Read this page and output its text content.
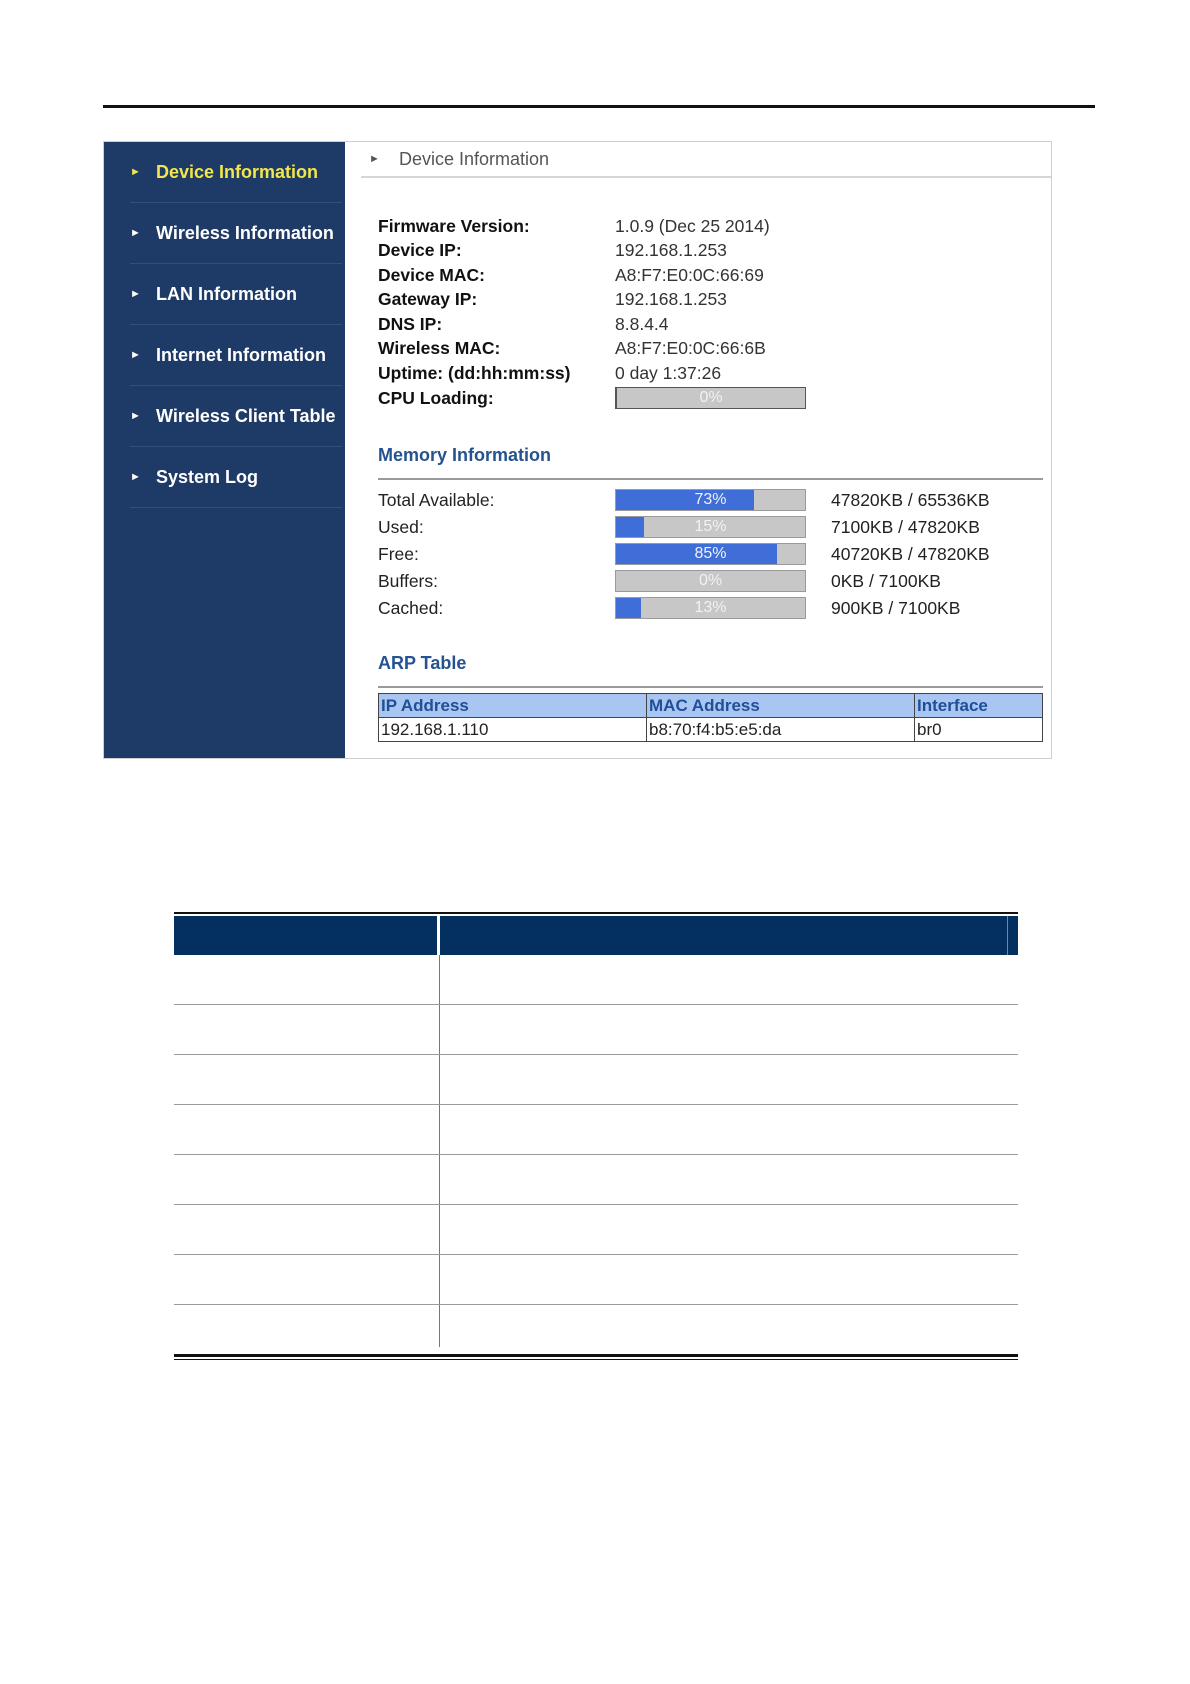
► Device Information
► Wireless Information
► LAN Information
► Internet Information
► Wireless Client Table
► System Log
►	Device Information
Firmware Version:	1.0.9 (Dec 25 2014)
Device IP:	192.168.1.253
Device MAC:	A8:F7:E0:0C:66:69
Gateway IP:	192.168.1.253
DNS IP:	8.8.4.4
Wireless MAC:	A8:F7:E0:0C:66:6B
Uptime: (dd:hh:mm:ss)	0 day 1:37:26
CPU Loading:	0%
Memory Information
Total Available:	73%	47820KB / 65536KB
Used:	15%	7100KB / 47820KB
Free:	85%	40720KB / 47820KB
Buffers:	0%	0KB / 7100KB
Cached:	13%	900KB / 7100KB
ARP Table
IP Address	MAC Address	Interface
192.168.1.110	b8:70:f4:b5:e5:da	br0
